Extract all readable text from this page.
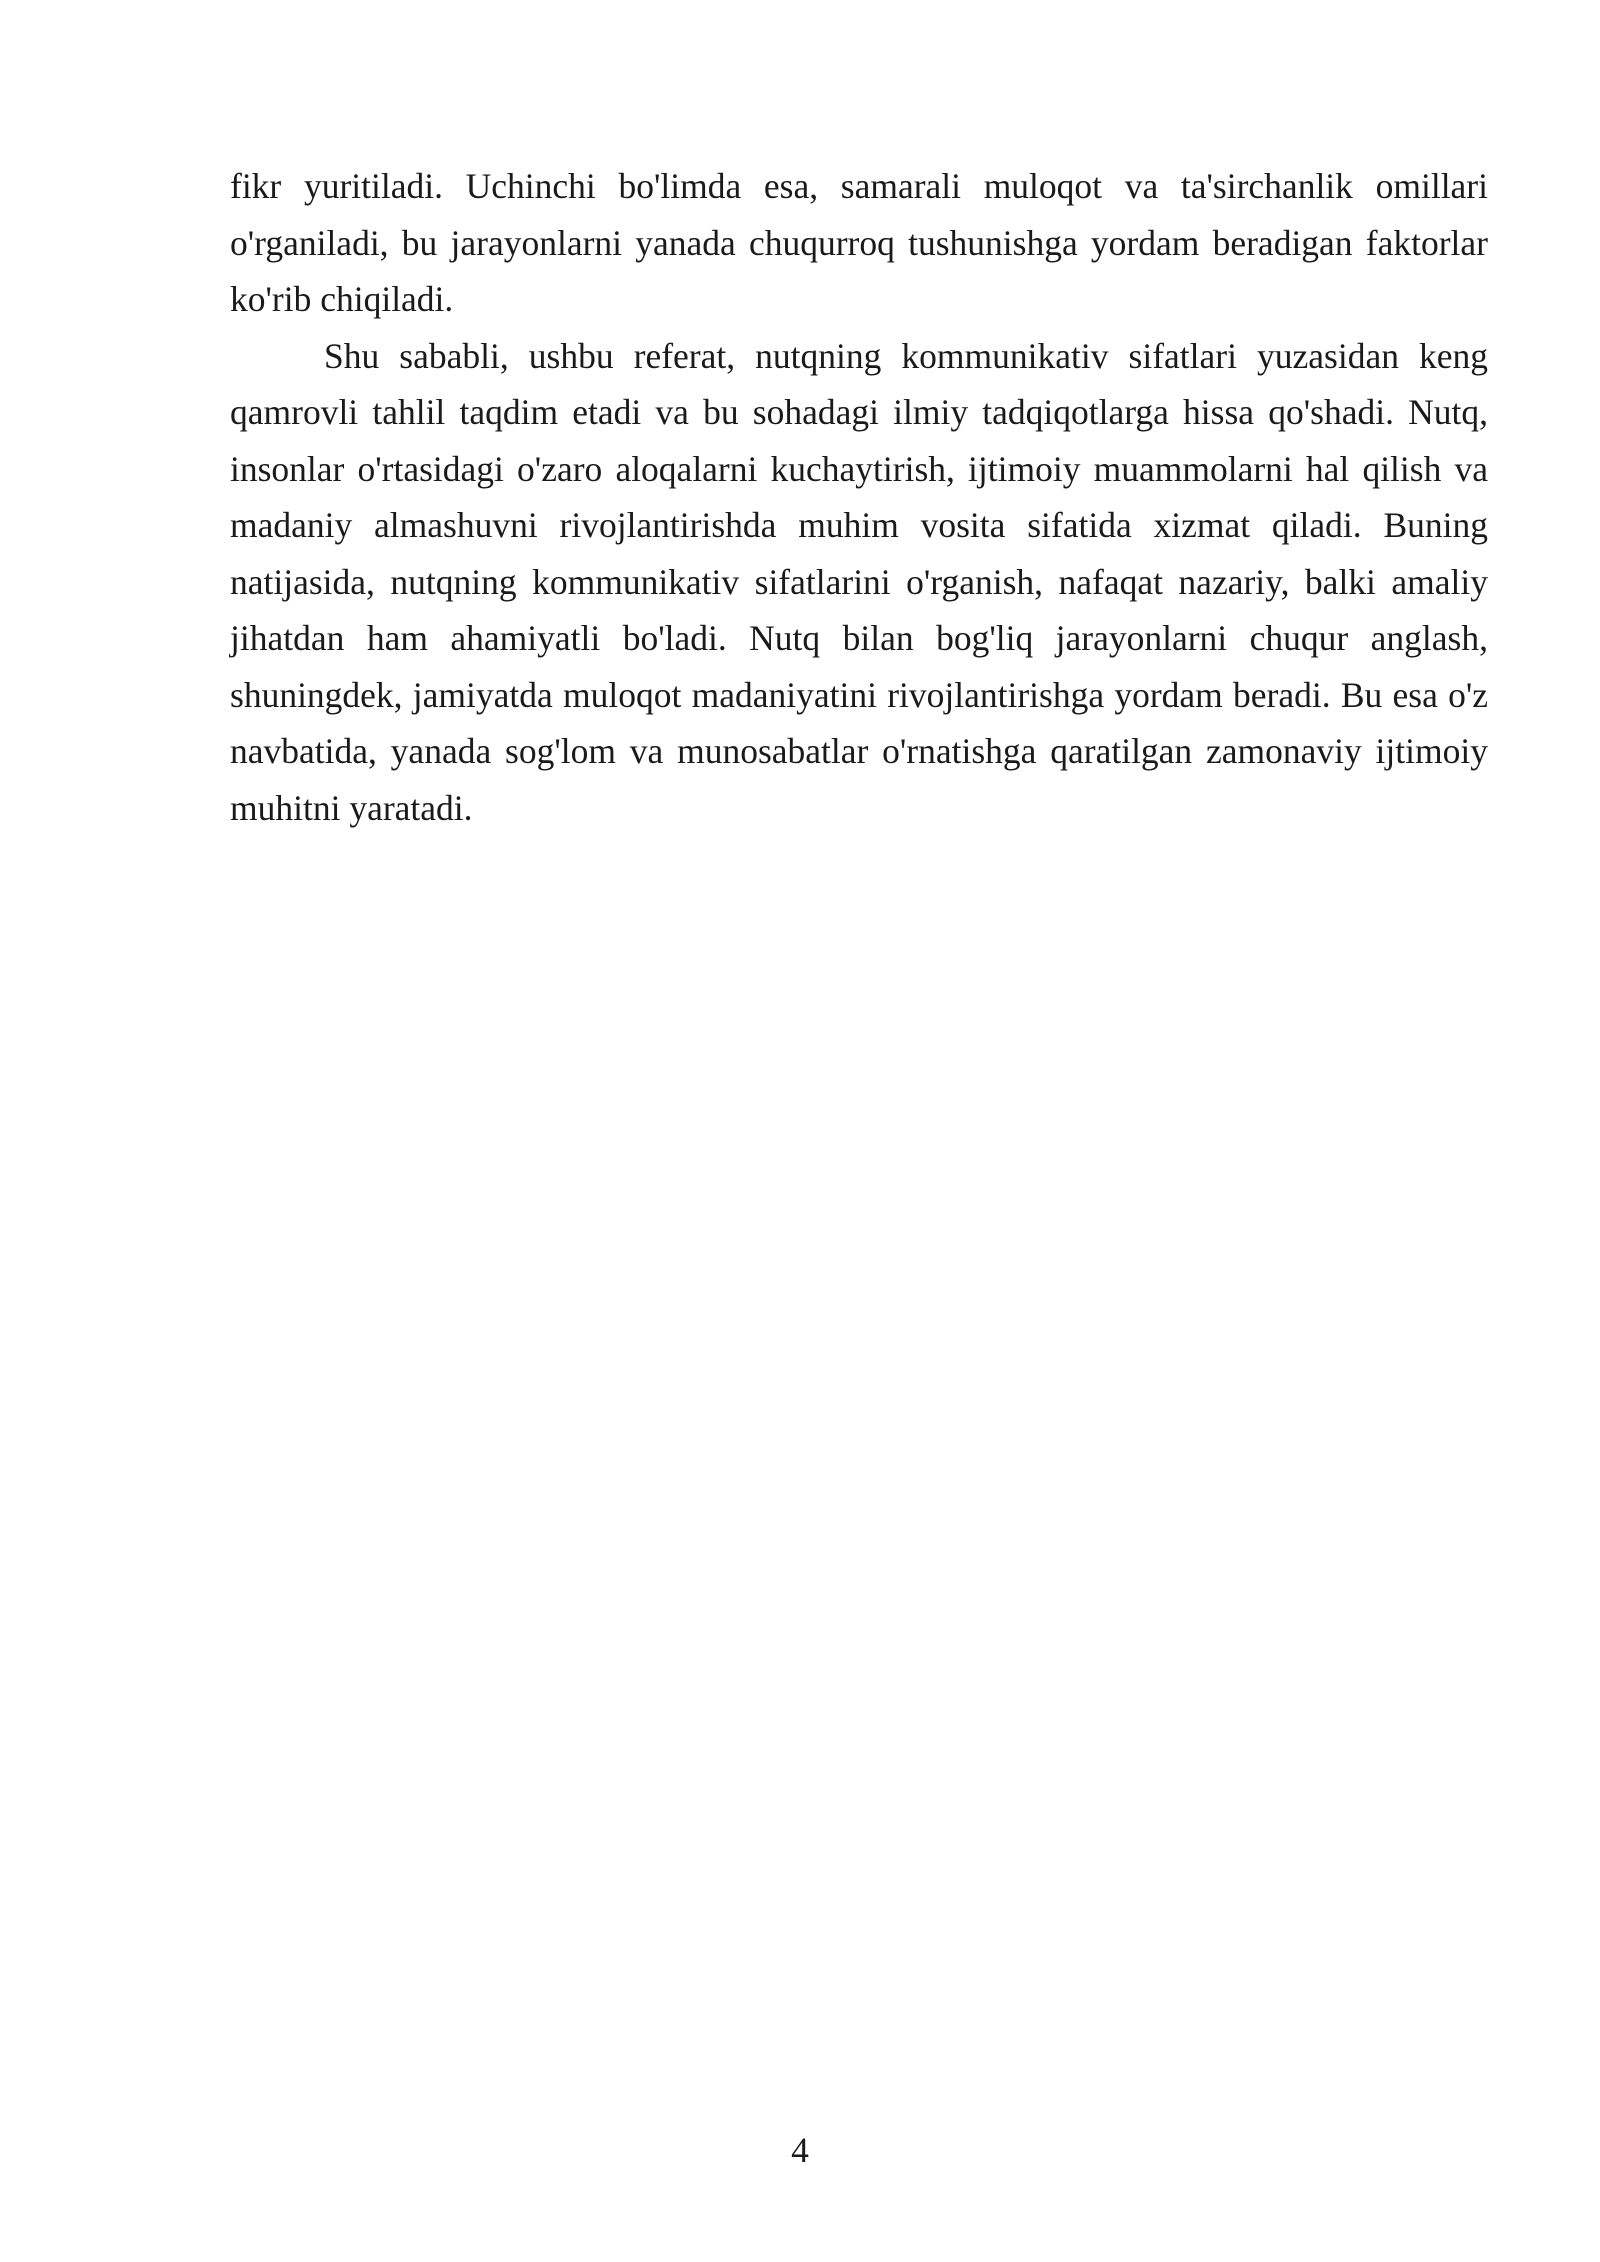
fikr yuritiladi. Uchinchi bo'limda esa, samarali muloqot va ta'sirchanlik omillari o'rganiladi, bu jarayonlarni yanada chuqurroq tushunishga yordam beradigan faktorlar ko'rib chiqiladi.

Shu sababli, ushbu referat, nutqning kommunikativ sifatlari yuzasidan keng qamrovli tahlil taqdim etadi va bu sohadagi ilmiy tadqiqotlarga hissa qo'shadi. Nutq, insonlar o'rtasidagi o'zaro aloqalarni kuchaytirish, ijtimoiy muammolarni hal qilish va madaniy almashuvni rivojlantirishda muhim vosita sifatida xizmat qiladi. Buning natijasida, nutqning kommunikativ sifatlarini o'rganish, nafaqat nazariy, balki amaliy jihatdan ham ahamiyatli bo'ladi. Nutq bilan bog'liq jarayonlarni chuqur anglash, shuningdek, jamiyatda muloqot madaniyatini rivojlantirishga yordam beradi. Bu esa o'z navbatida, yanada sog'lom va munosabatlar o'rnatishga qaratilgan zamonaviy ijtimoiy muhitni yaratadi.

4
